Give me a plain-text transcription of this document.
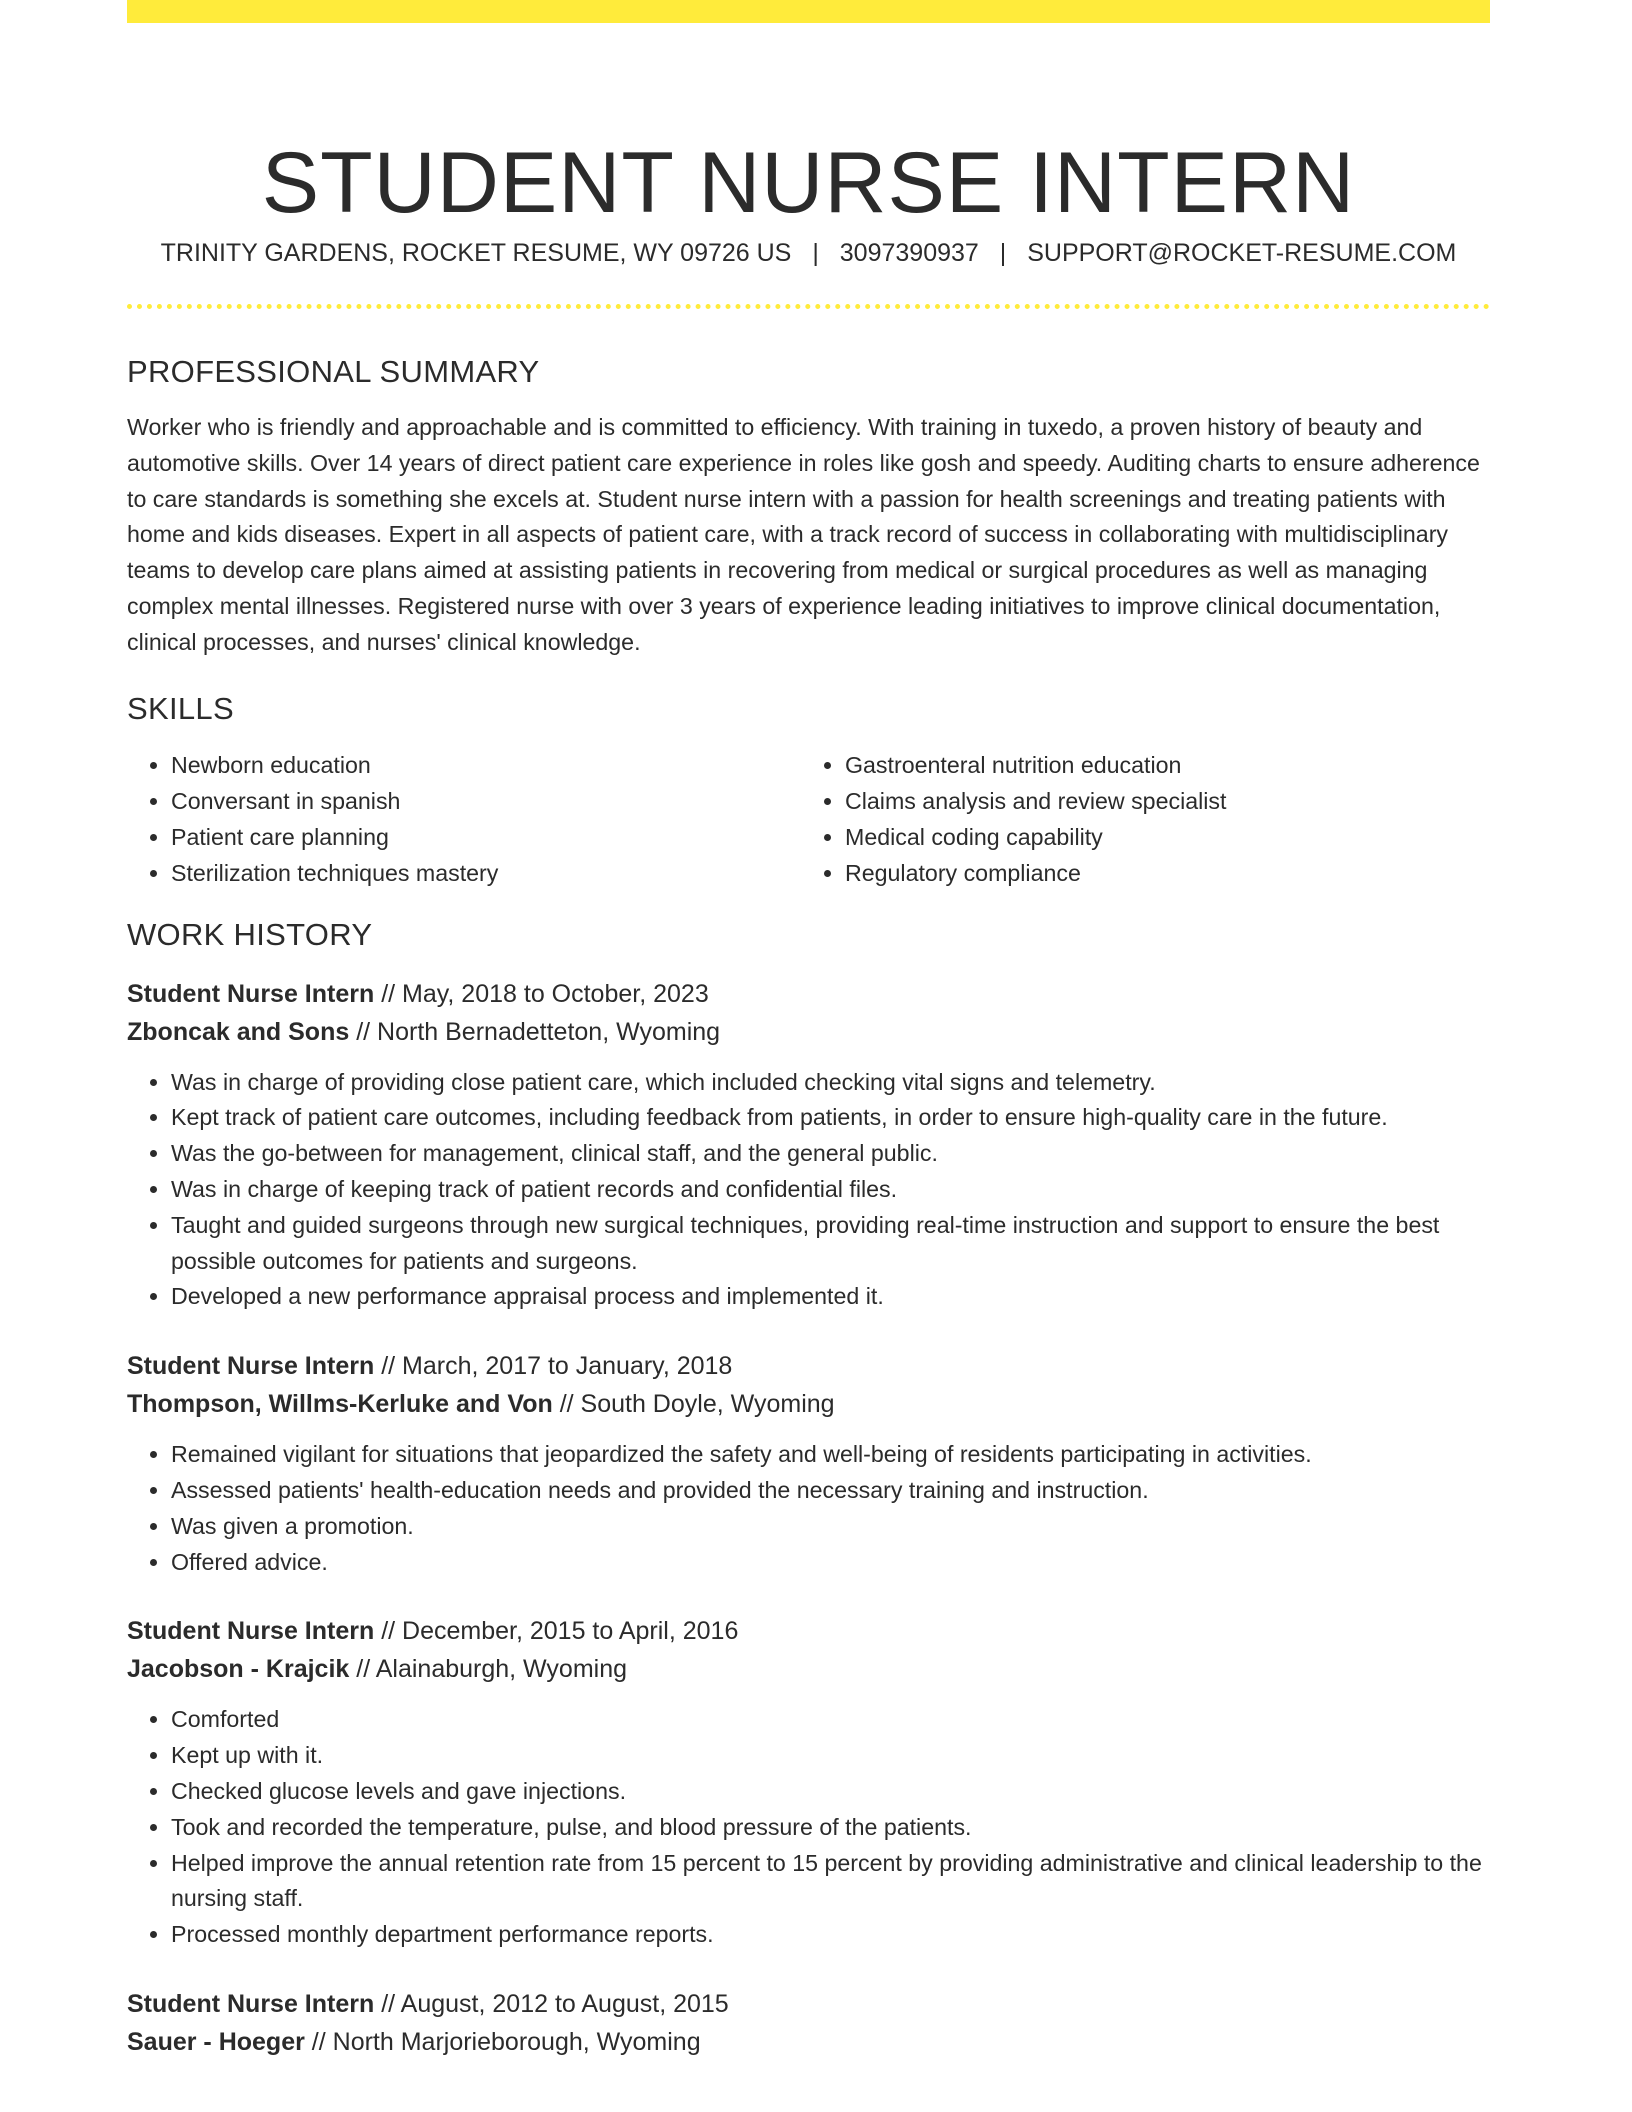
STUDENT NURSE INTERN
TRINITY GARDENS, ROCKET RESUME, WY 09726 US | 3097390937 | SUPPORT@ROCKET-RESUME.COM
PROFESSIONAL SUMMARY

Worker who is friendly and approachable and is committed to efficiency. With training in tuxedo, a proven history of beauty and automotive skills. Over 14 years of direct patient care experience in roles like gosh and speedy. Auditing charts to ensure adherence to care standards is something she excels at. Student nurse intern with a passion for health screenings and treating patients with home and kids diseases. Expert in all aspects of patient care, with a track record of success in collaborating with multidisciplinary teams to develop care plans aimed at assisting patients in recovering from medical or surgical procedures as well as managing complex mental illnesses. Registered nurse with over 3 years of experience leading initiatives to improve clinical documentation, clinical processes, and nurses' clinical knowledge.

SKILLS
• Newborn education
• Conversant in spanish
• Patient care planning
• Sterilization techniques mastery
• Gastroenteral nutrition education
• Claims analysis and review specialist
• Medical coding capability
• Regulatory compliance
WORK HISTORY
Student Nurse Intern // May, 2018 to October, 2023
Zboncak and Sons // North Bernadetteton, Wyoming
• Was in charge of providing close patient care, which included checking vital signs and telemetry.
• Kept track of patient care outcomes, including feedback from patients, in order to ensure high-quality care in the future.
• Was the go-between for management, clinical staff, and the general public.
• Was in charge of keeping track of patient records and confidential files.
• Taught and guided surgeons through new surgical techniques, providing real-time instruction and support to ensure the best possible outcomes for patients and surgeons.
• Developed a new performance appraisal process and implemented it.
Student Nurse Intern // March, 2017 to January, 2018
Thompson, Willms-Kerluke and Von // South Doyle, Wyoming
• Remained vigilant for situations that jeopardized the safety and well-being of residents participating in activities.
• Assessed patients' health-education needs and provided the necessary training and instruction.
• Was given a promotion.
• Offered advice.
Student Nurse Intern // December, 2015 to April, 2016
Jacobson - Krajcik // Alainaburgh, Wyoming
• Comforted
• Kept up with it.
• Checked glucose levels and gave injections.
• Took and recorded the temperature, pulse, and blood pressure of the patients.
• Helped improve the annual retention rate from 15 percent to 15 percent by providing administrative and clinical leadership to the nursing staff.
• Processed monthly department performance reports.
Student Nurse Intern // August, 2012 to August, 2015
Sauer - Hoeger // North Marjorieborough, Wyoming
